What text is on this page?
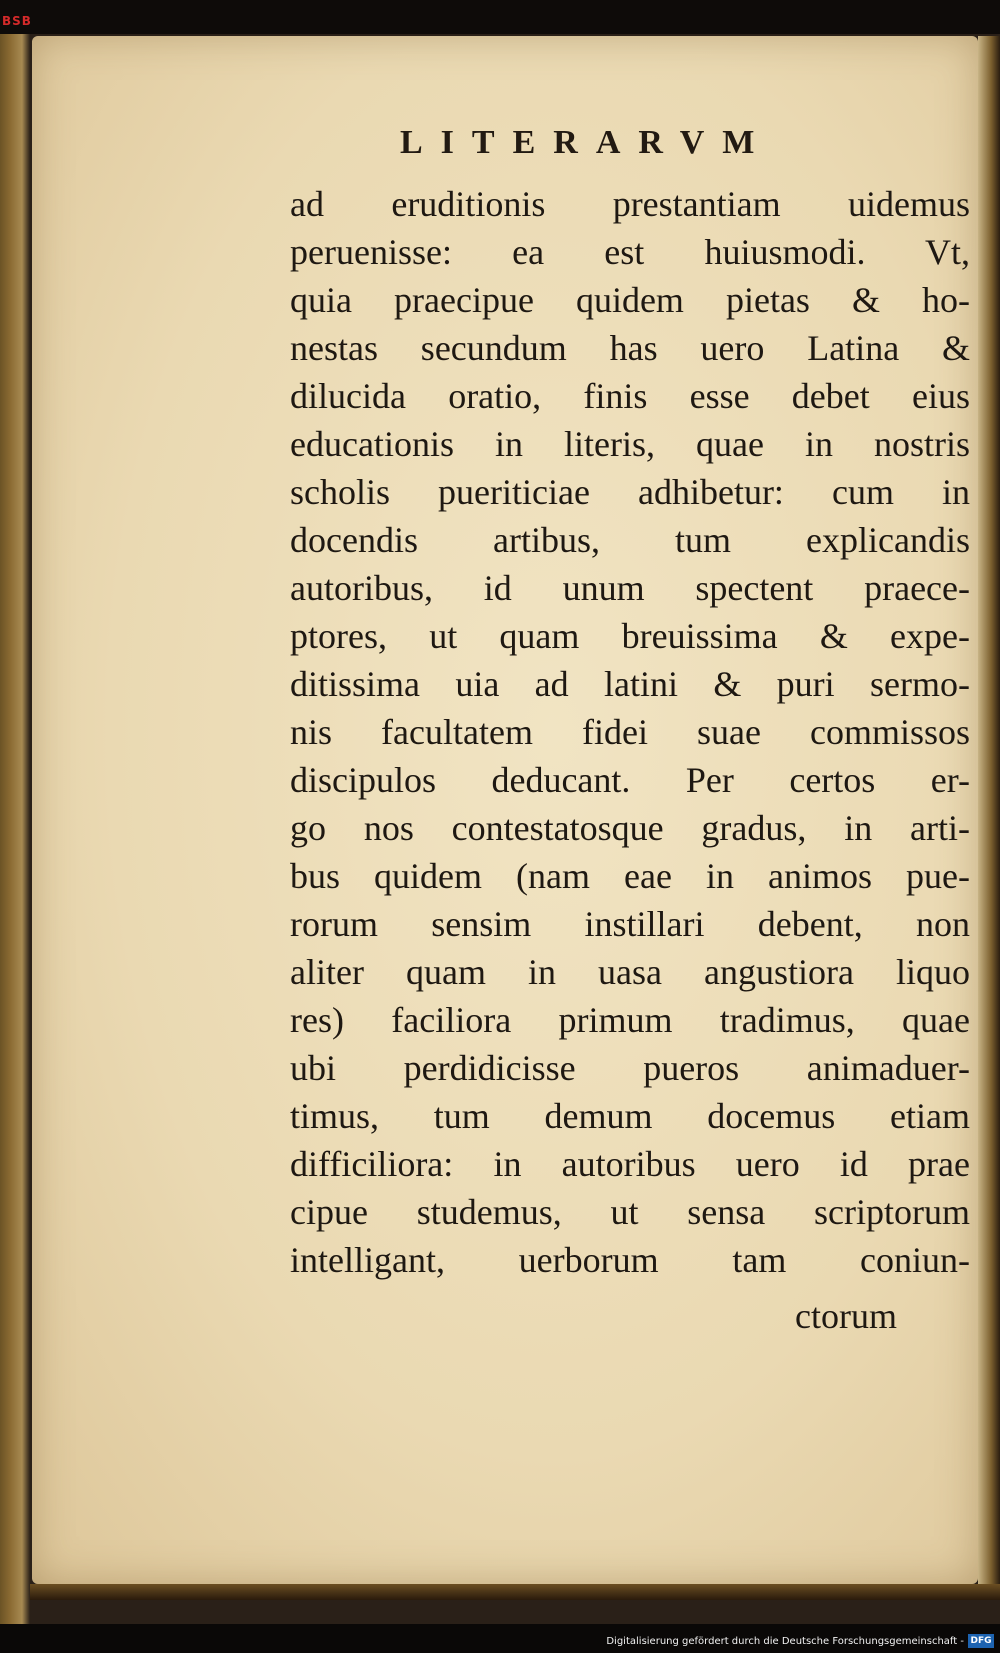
BSB
LITERARVM
ad eruditionis prestantiam uidemus
peruenisse: ea est huiusmodi. Vt,
quia praecipue quidem pietas & ho-
nestas secundum has uero Latina &
dilucida oratio, finis esse debet eius
educationis in literis, quae in nostris
scholis pueriticiae adhibetur: cum in
docendis artibus, tum explicandis
autoribus, id unum spectent praece-
ptores, ut quam breuissima & expe-
ditissima uia ad latini & puri sermo-
nis facultatem fidei suae commissos
discipulos deducant. Per certos er-
go nos contestatosque gradus, in arti-
bus quidem (nam eae in animos pue-
rorum sensim instillari debent, non
aliter quam in uasa angustiora liquo
res) faciliora primum tradimus, quae
ubi perdidicisse pueros animaduer-
timus, tum demum docemus etiam
difficiliora: in autoribus uero id prae
cipue studemus, ut sensa scriptorum
intelligant, uerborum tam coniun-
ctorum
Digitalisierung gefördert durch die Deutsche Forschungsgemeinschaft - DFG
